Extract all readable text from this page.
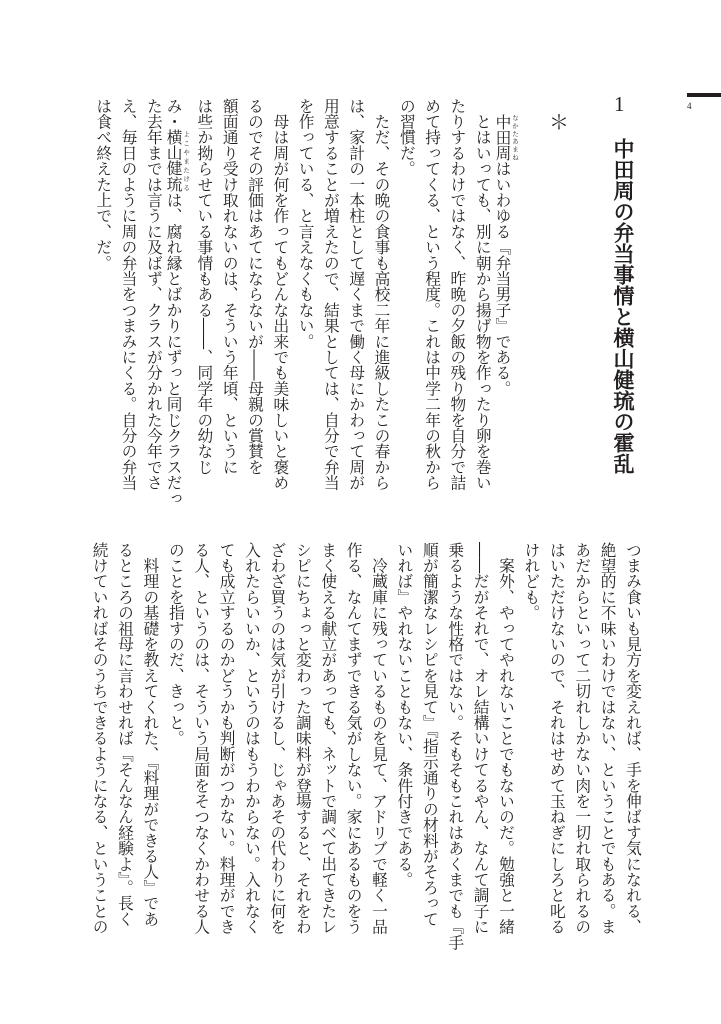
4
1
中田周の弁当事情と横山健琉の霍乱
＊
　中田周なかたあまねはいわゆる『弁当男子』である。
　とはいっても、別に朝から揚げ物を作ったり卵を巻い
たりするわけではなく、昨晩の夕飯の残り物を自分で詰
めて持ってくる、という程度。これは中学二年の秋から
の習慣だ。
　ただ、その晩の食事も高校二年に進級したこの春から
は、家計の一本柱として遅くまで働く母にかわって周が
用意することが増えたので、結果としては、自分で弁当
を作っている、と言えなくもない。
　母は周が何を作ってもどんな出来でも美味しいと褒め
るのでその評価はあてにならないが――母親の賞賛を
額面通り受け取れないのは、そういう年頃、というに
は些か拗らせている事情もある――、同学年の幼なじ
み・横山健琉よこやまたけるは、腐れ縁とばかりにずっと同じクラスだっ
た去年までは言うに及ばず、クラスが分かれた今年でさ
え、毎日のように周の弁当をつまみにくる。自分の弁当
は食べ終えた上で、だ。
つまみ食いも見方を変えれば、手を伸ばす気になれる、
絶望的に不味いわけではない、ということでもある。ま
あだからといって二切れしかない肉を一切れ取られるの
はいただけないので、それはせめて玉ねぎにしろと叱る
けれども。
　案外、やってやれないことでもないのだ。勉強と一緒
――だがそれで、オレ結構いけてるやん、なんて調子に
乗るような性格ではない。そもそもこれはあくまでも『手
順が簡潔なレシピを見て』『指示通りの材料がそろって
いれば』やれないこともない、条件付きである。
　冷蔵庫に残っているものを見て、アドリブで軽く一品
作る、なんてまずできる気がしない。家にあるものをう
まく使える献立があっても、ネットで調べて出てきたレ
シピにちょっと変わった調味料が登場すると、それをわ
ざわざ買うのは気が引けるし、じゃあその代わりに何を
入れたらいいか、というのはもうわからない。入れなく
ても成立するのかどうかも判断がつかない。料理ができ
る人、というのは、そういう局面をそつなくかわせる人
のことを指すのだ、きっと。
　料理の基礎を教えてくれた、『料理ができる人』であ
るところの祖母に言わせれば『そんなん経験よ』。長く
続けていればそのうちできるようになる、ということの
